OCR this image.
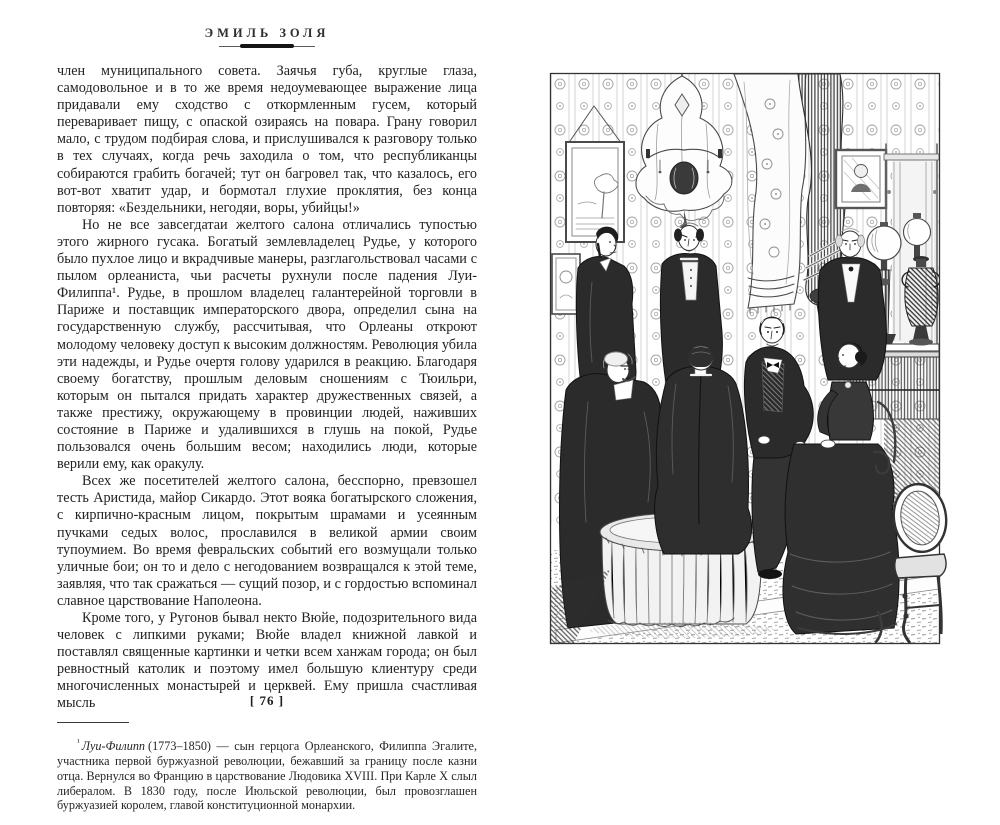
ЭМИЛЬ ЗОЛЯ

член муниципального совета. Заячья губа, круглые глаза, самодовольное и в то же время недоумевающее выражение лица придавали ему сходство с откормленным гусем, который переваривает пищу, с опаской озираясь на повара. Грану говорил мало, с трудом подбирая слова, и прислушивался к разговору только в тех случаях, когда речь заходила о том, что республиканцы собираются грабить богачей; тут он багровел так, что казалось, его вот-вот хватит удар, и бормотал глухие проклятия, без конца повторяя: «Бездельники, негодяи, воры, убийцы!»

Но не все завсегдатаи желтого салона отличались тупостью этого жирного гусака. Богатый землевладелец Рудье, у которого было пухлое лицо и вкрадчивые манеры, разглагольствовал часами с пылом орлеаниста, чьи расчеты рухнули после падения Луи-Филиппа¹. Рудье, в прошлом владелец галантерейной торговли в Париже и поставщик императорского двора, определил сына на государственную службу, рассчитывая, что Орлеаны откроют молодому человеку доступ к высоким должностям. Революция убила эти надежды, и Рудье очертя голову ударился в реакцию. Благодаря своему богатству, прошлым деловым сношениям с Тюильри, которым он пытался придать характер дружественных связей, а также престижу, окружающему в провинции людей, наживших состояние в Париже и удалившихся в глушь на покой, Рудье пользовался очень большим весом; находились люди, которые верили ему, как оракулу.

Всех же посетителей желтого салона, бесспорно, превзошел тесть Аристида, майор Сикардо. Этот вояка богатырского сложения, с кирпично-красным лицом, покрытым шрамами и усеянным пучками седых волос, прославился в великой армии своим тупоумием. Во время февральских событий его возмущали только уличные бои; он то и дело с негодованием возвращался к этой теме, заявляя, что так сражаться — сущий позор, и с гордостью вспоминал славное царствование Наполеона.

Кроме того, у Ругонов бывал некто Вюйе, подозрительного вида человек с липкими руками; Вюйе владел книжной лавкой и поставлял священные картинки и четки всем ханжам города; он был ревностный католик и поэтому имел большую клиентуру среди многочисленных монастырей и церквей. Ему пришла счастливая мысль

$^{^1}$ Луи-Филипп (1773–1850) — сын герцога Орлеанского, Филиппа Эгалите, участника первой буржуазной революции, бежавший за границу после казни отца. Вернулся во Францию в царствование Людовика XVIII. При Карле X слыл либералом. В 1830 году, после Июльской революции, был провозглашен буржуазией королем, главой конституционной монархии.

[ 76 ]
